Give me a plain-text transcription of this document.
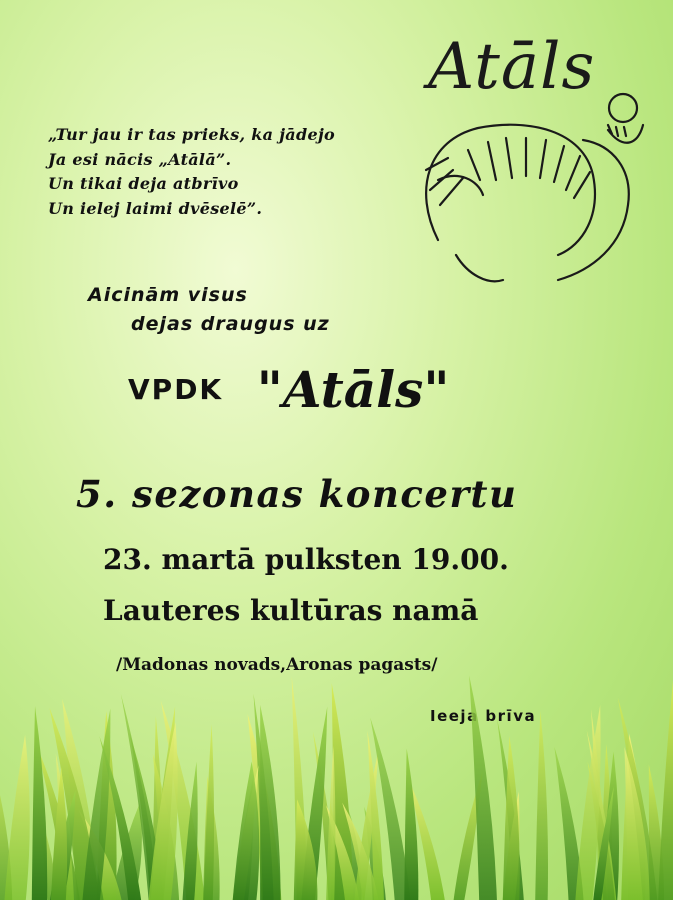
„Tur jau ir tas prieks, ka jādejo
Ja esi nācis „Atālā”.
Un tikai deja atbrīvo
Un ielej laimi dvēselē”.
Atāls
Aicinām visus
dejas draugus uz
VPDK "Atāls"
5. sezonas koncertu
23. martā pulksten 19.00.
Lauteres kultūras namā
/Madonas novads,Aronas pagasts/
Ieeja brīva
